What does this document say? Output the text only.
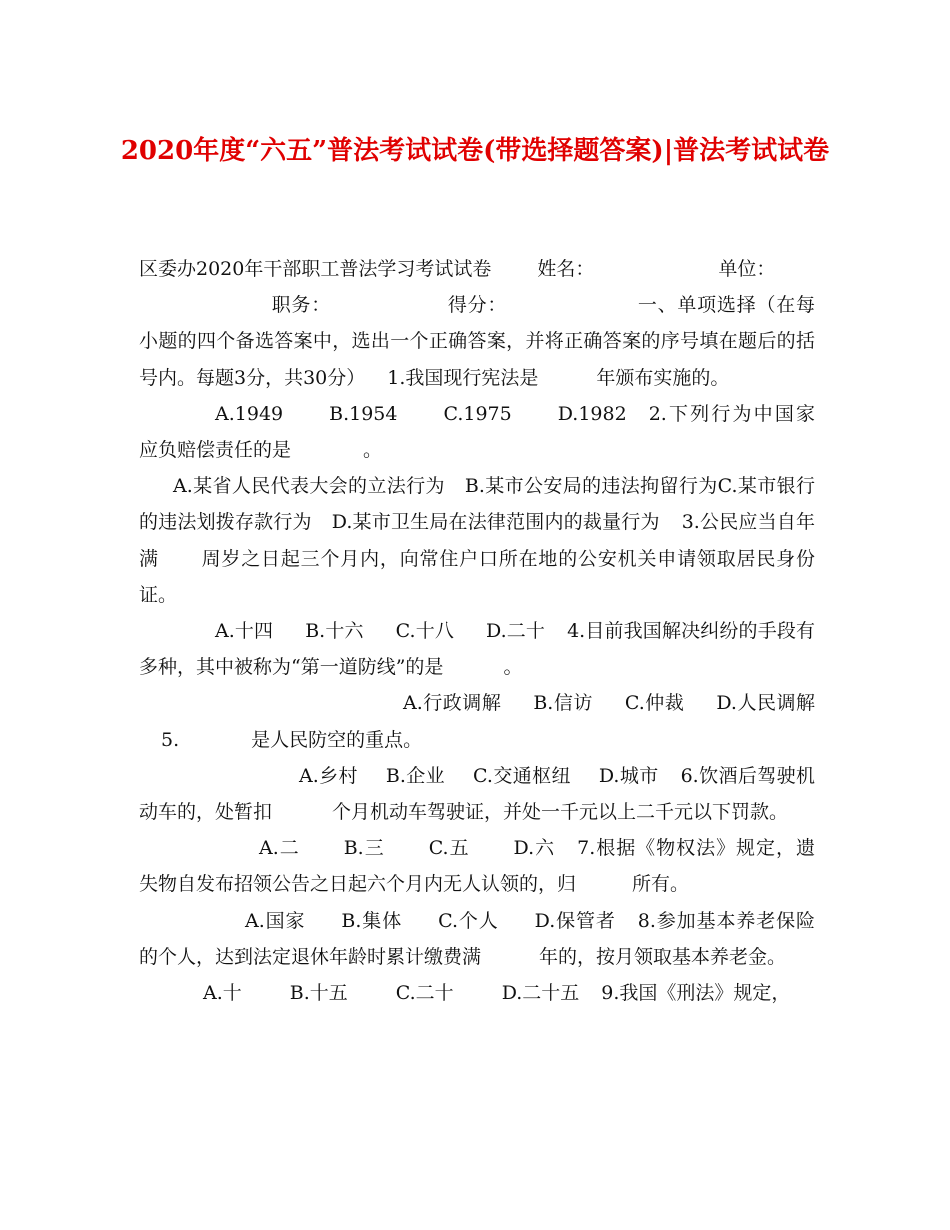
2020年度“六五”普法考试试卷(带选择题答案)|普法考试试卷

区委办2020年干部职工普法学习考试试卷 姓名：	单位：
职务：	得分：	一、单项选择（在每小题的四个备选答案中，选出一个正确答案，并将正确答案的序号填在题后的括号内。每题3分，共30分） 1.我国现行宪法是	年颁布实施的。

A.1949 B.1954 C.1975 D.1982 2.下列行为中国家应负赔偿责任的是	。

A.某省人民代表大会的立法行为 B.某市公安局的违法拘留行为C.某市银行的违法划拨存款行为 D.某市卫生局在法律范围内的裁量行为 3.公民应当自年满 周岁之日起三个月内，向常住户口所在地的公安机关申请领取居民身份证。

A.十四 B.十六 C.十八 D.二十 4.目前我国解决纠纷的手段有多种，其中被称为“第一道防线”的是	。

A.行政调解 B.信访 C.仲裁 D.人民调解5.	是人民防空的重点。

A.乡村 B.企业 C.交通枢纽 D.城市 6.饮酒后驾驶机动车的，处暂扣	个月机动车驾驶证，并处一千元以上二千元以下罚款。

A.二 B.三 C.五 D.六 7.根据《物权法》规定，遗失物自发布招领公告之日起六个月内无人认领的，归	所有。

A.国家 B.集体 C.个人 D.保管者 8.参加基本养老保险的个人，达到法定退休年龄时累计缴费满	年的，按月领取基本养老金。

A.十	B.十五	C.二十	D.二十五 9.我国《刑法》规定，
